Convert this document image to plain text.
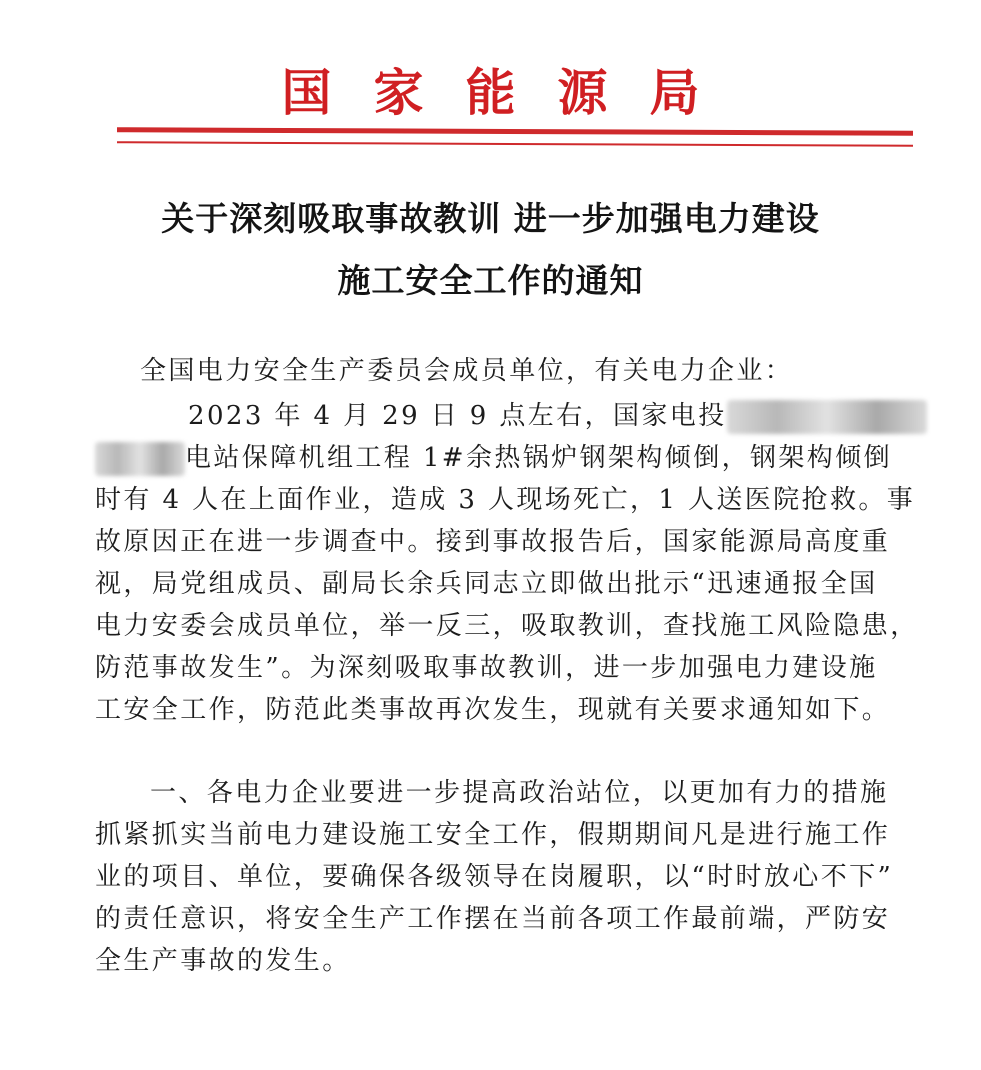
国家能源局
关于深刻吸取事故教训 进一步加强电力建设
施工安全工作的通知
全国电力安全生产委员会成员单位，有关电力企业：
2023 年 4 月 29 日 9 点左右，国家电投
电站保障机组工程 1#余热锅炉钢架构倾倒，钢架构倾倒
时有 4 人在上面作业，造成 3 人现场死亡，1 人送医院抢救。事
故原因正在进一步调查中。接到事故报告后，国家能源局高度重
视，局党组成员、副局长余兵同志立即做出批示“迅速通报全国
电力安委会成员单位，举一反三，吸取教训，查找施工风险隐患，
防范事故发生”。为深刻吸取事故教训，进一步加强电力建设施
工安全工作，防范此类事故再次发生，现就有关要求通知如下。
一、各电力企业要进一步提高政治站位，以更加有力的措施
抓紧抓实当前电力建设施工安全工作，假期期间凡是进行施工作
业的项目、单位，要确保各级领导在岗履职，以“时时放心不下”
的责任意识，将安全生产工作摆在当前各项工作最前端，严防安
全生产事故的发生。
